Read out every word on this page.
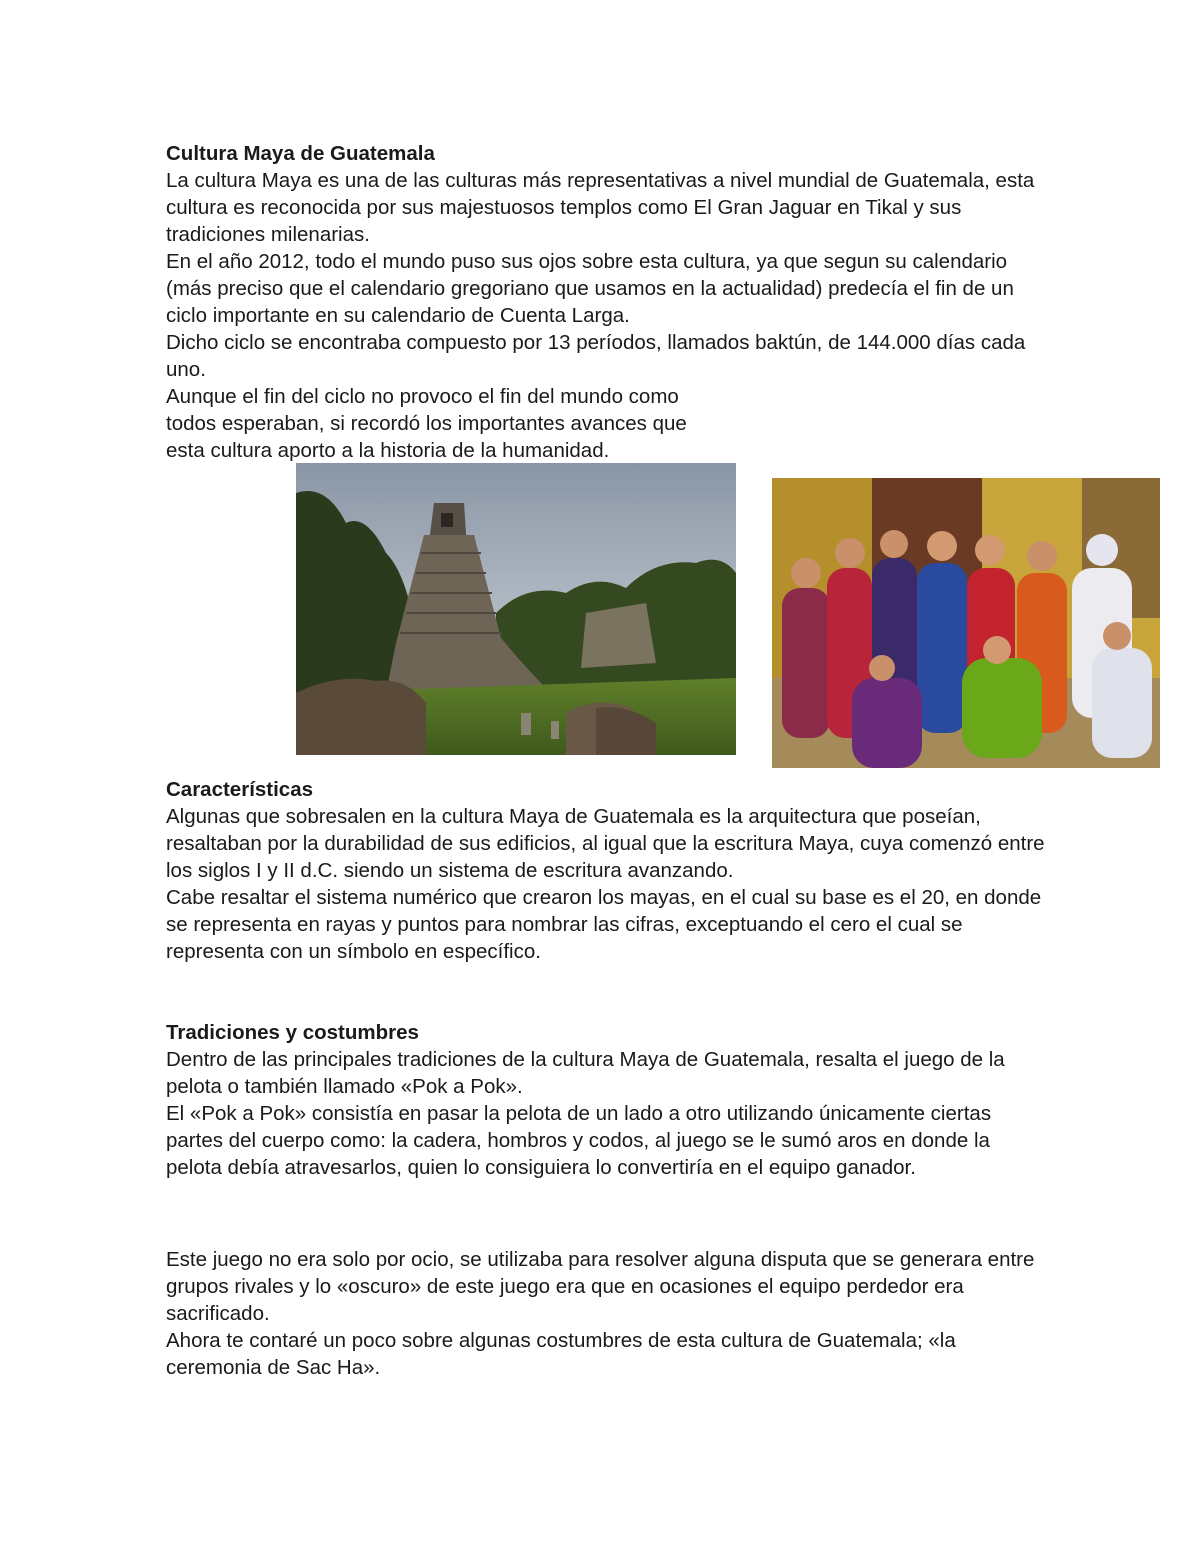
Cultura Maya de Guatemala

La cultura Maya es una de las culturas más representativas a nivel mundial de Guatemala, esta cultura es reconocida por sus majestuosos templos como El Gran Jaguar en Tikal y sus tradiciones milenarias.

En el año 2012, todo el mundo puso sus ojos sobre esta cultura, ya que segun su calendario (más preciso que el calendario gregoriano que usamos en la actualidad) predecía el fin de un ciclo importante en su calendario de Cuenta Larga.

Dicho ciclo se encontraba compuesto por 13 períodos, llamados baktún, de 144.000 días cada uno.

Aunque el fin del ciclo no provoco el fin del mundo como todos esperaban, si recordó los importantes avances que esta cultura aporto a la historia de la humanidad.

Características

Algunas que sobresalen en la cultura Maya de Guatemala es la arquitectura que poseían, resaltaban por la durabilidad de sus edificios, al igual que la escritura Maya, cuya comenzó entre los siglos I y II d.C. siendo un sistema de escritura avanzando.

Cabe resaltar el sistema numérico que crearon los mayas, en el cual su base es el 20, en donde se representa en rayas y puntos para nombrar las cifras, exceptuando el cero el cual se representa con un símbolo en específico.

Tradiciones y costumbres

Dentro de las principales tradiciones de la cultura Maya de Guatemala, resalta el juego de la pelota o también llamado «Pok a Pok».

El «Pok a Pok» consistía en pasar la pelota de un lado a otro utilizando únicamente ciertas partes del cuerpo como: la cadera, hombros y codos, al juego se le sumó aros en donde la pelota debía atravesarlos, quien lo consiguiera lo convertiría en el equipo ganador.

Este juego no era solo por ocio, se utilizaba para resolver alguna disputa que se generara entre grupos rivales y lo «oscuro» de este juego era que en ocasiones el equipo perdedor era sacrificado.

Ahora te contaré un poco sobre algunas costumbres de esta cultura de Guatemala; «la ceremonia de Sac Ha».
